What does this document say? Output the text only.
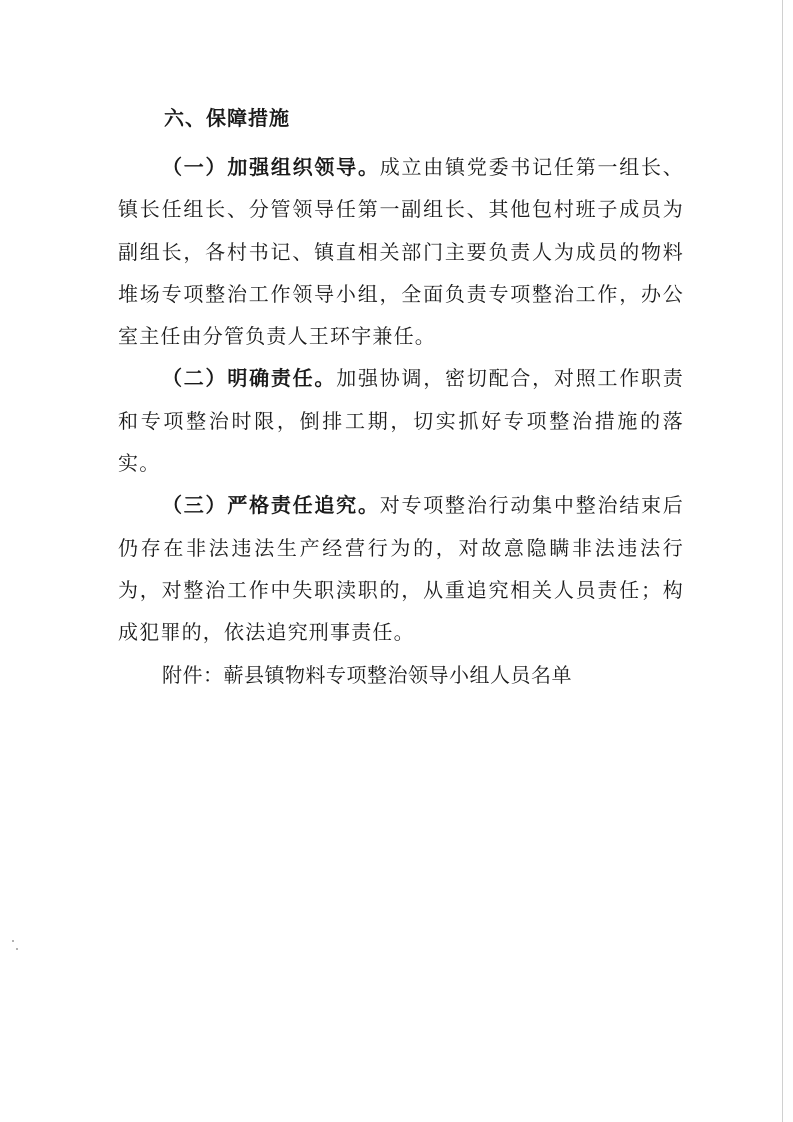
六、保障措施

（一）加强组织领导。成立由镇党委书记任第一组长、镇长任组长、分管领导任第一副组长、其他包村班子成员为副组长，各村书记、镇直相关部门主要负责人为成员的物料堆场专项整治工作领导小组，全面负责专项整治工作，办公室主任由分管负责人王环宇兼任。

（二）明确责任。加强协调，密切配合，对照工作职责和专项整治时限，倒排工期，切实抓好专项整治措施的落实。

（三）严格责任追究。对专项整治行动集中整治结束后仍存在非法违法生产经营行为的，对故意隐瞒非法违法行为，对整治工作中失职渎职的，从重追究相关人员责任；构成犯罪的，依法追究刑事责任。

附件：蕲县镇物料专项整治领导小组人员名单
